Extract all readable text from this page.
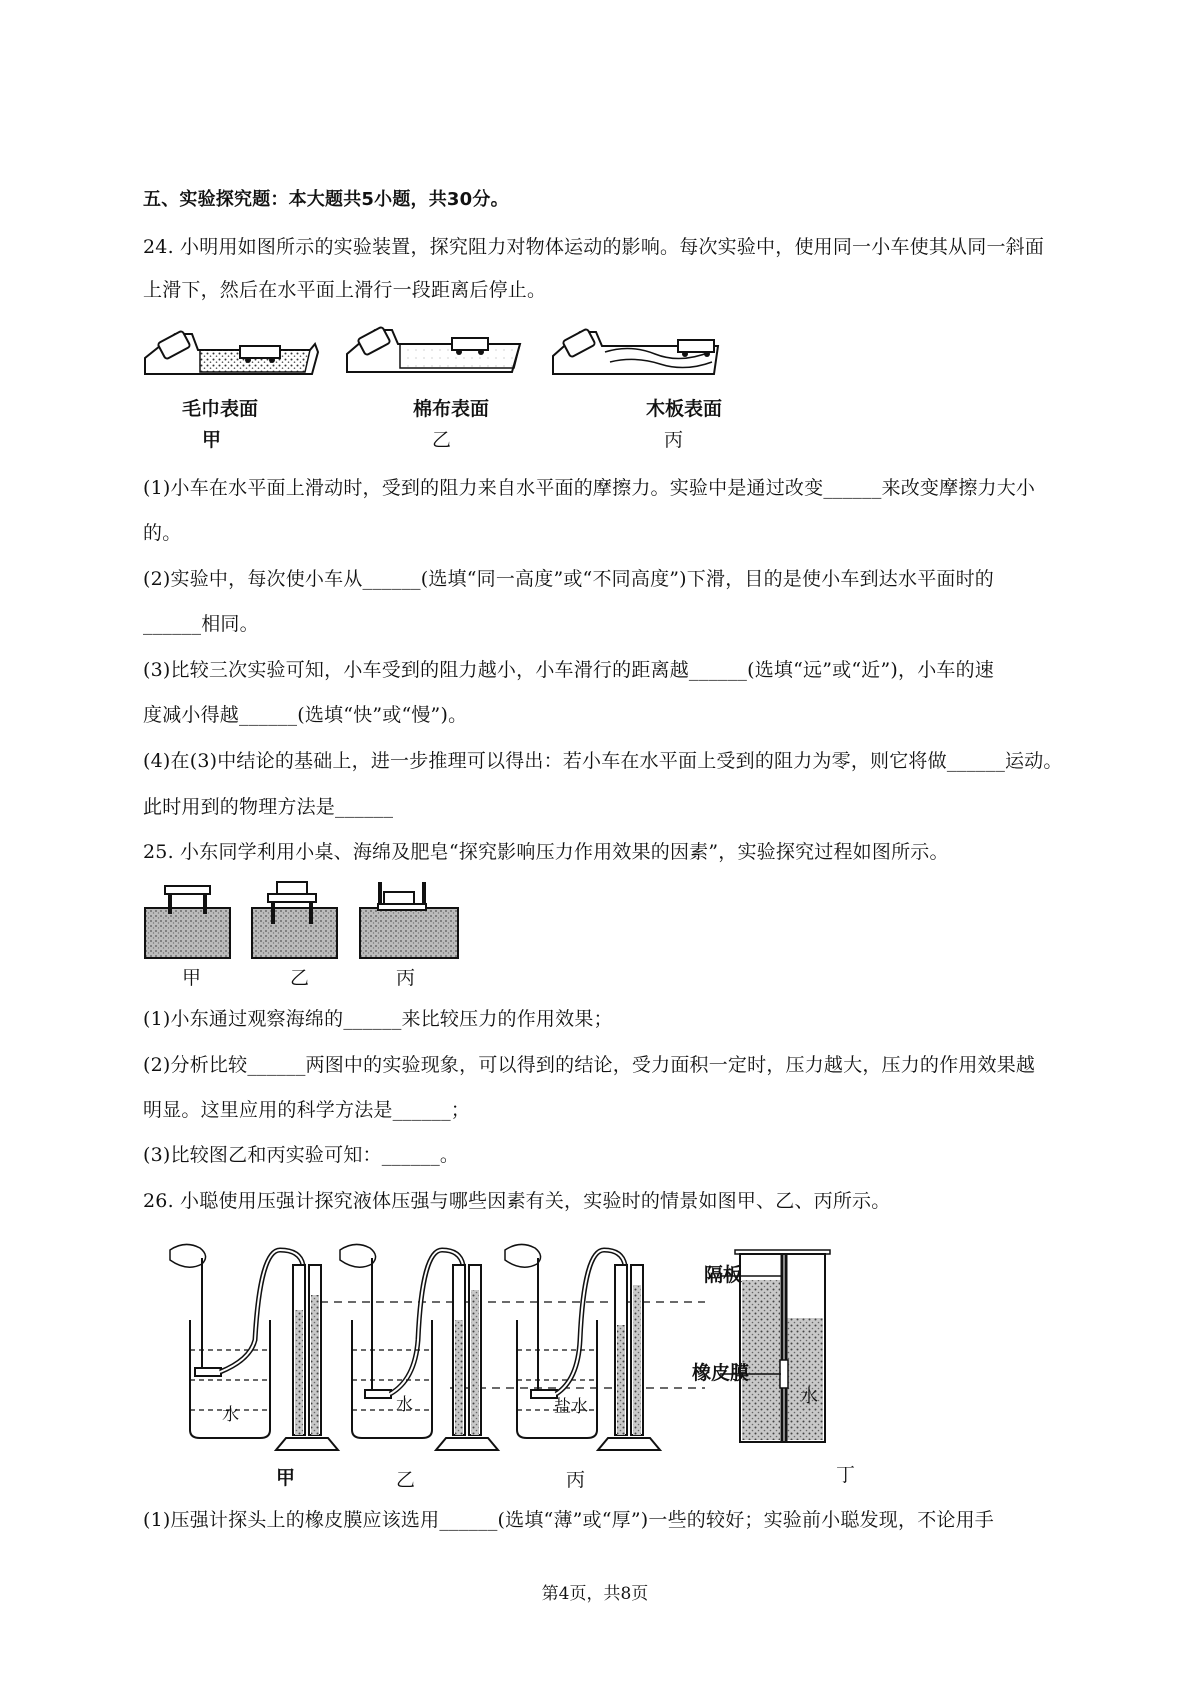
五、实验探究题：本大题共5小题，共30分。
24. 小明用如图所示的实验装置，探究阻力对物体运动的影响。每次实验中，使用同一小车使其从同一斜面
上滑下，然后在水平面上滑行一段距离后停止。
毛巾表面	棉布表面	木板表面
甲	乙	丙
(1)小车在水平面上滑动时，受到的阻力来自水平面的摩擦力。实验中是通过改变______来改变摩擦力大小
的。
(2)实验中，每次使小车从______(选填“同一高度”或“不同高度”)下滑，目的是使小车到达水平面时的
______相同。
(3)比较三次实验可知，小车受到的阻力越小，小车滑行的距离越______(选填“远”或“近”)，小车的速
度减小得越______(选填“快”或“慢”)。
(4)在(3)中结论的基础上，进一步推理可以得出：若小车在水平面上受到的阻力为零，则它将做______运动。
此时用到的物理方法是______
25. 小东同学利用小桌、海绵及肥皂“探究影响压力作用效果的因素”，实验探究过程如图所示。
甲	乙	丙
(1)小东通过观察海绵的______来比较压力的作用效果；
(2)分析比较______两图中的实验现象，可以得到的结论，受力面积一定时，压力越大，压力的作用效果越
明显。这里应用的科学方法是______；
(3)比较图乙和丙实验可知：______。
26. 小聪使用压强计探究液体压强与哪些因素有关，实验时的情景如图甲、乙、丙所示。
水	水	盐水	水
隔板
橡皮膜
甲	乙	丙	丁
(1)压强计探头上的橡皮膜应该选用______(选填“薄”或“厚”)一些的较好；实验前小聪发现，不论用手
第4页，共8页
